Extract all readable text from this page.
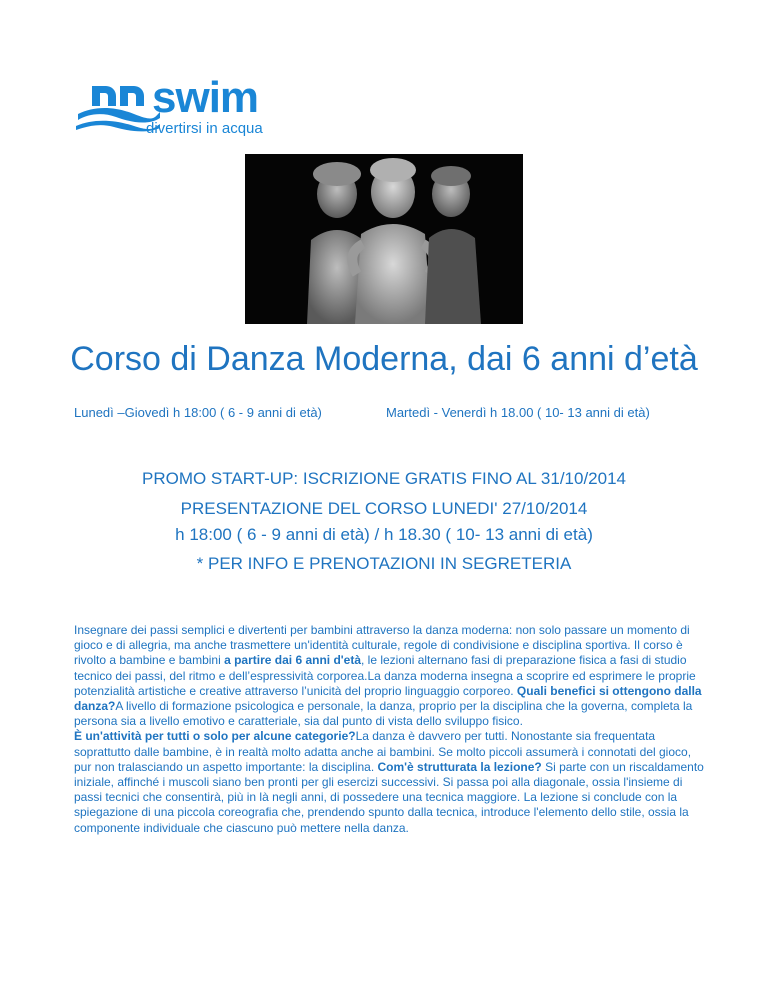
swim
divertirsi in acqua
Corso di Danza Moderna, dai 6 anni d’età
Lunedì –Giovedì h 18:00 ( 6 - 9 anni di età)	Martedì - Venerdì h 18.00 ( 10- 13 anni di età)
PROMO START-UP: ISCRIZIONE GRATIS FINO AL 31/10/2014
PRESENTAZIONE DEL CORSO LUNEDI' 27/10/2014
h 18:00 ( 6 - 9 anni di età) / h 18.30 ( 10- 13 anni di età)
* PER INFO E PRENOTAZIONI IN SEGRETERIA
Insegnare dei passi semplici e divertenti per bambini attraverso la danza moderna: non solo passare un momento di gioco e di allegria, ma anche trasmettere un'identità culturale, regole di condivisione e disciplina sportiva. Il corso è rivolto a bambine e bambini a partire dai 6 anni d'età, le lezioni alternano fasi di preparazione fisica a fasi di studio tecnico dei passi, del ritmo e dell’espressività corporea.La danza moderna insegna a scoprire ed esprimere le proprie potenzialità artistiche e creative attraverso l’unicità del proprio linguaggio corporeo. Quali benefici si ottengono dalla danza?A livello di formazione psicologica e personale, la danza, proprio per la disciplina che la governa, completa la persona sia a livello emotivo e caratteriale, sia dal punto di vista dello sviluppo fisico.
È un'attività per tutti o solo per alcune categorie?La danza è davvero per tutti. Nonostante sia frequentata soprattutto dalle bambine, è in realtà molto adatta anche ai bambini. Se molto piccoli assumerà i connotati del gioco, pur non tralasciando un aspetto importante: la disciplina. Com'è strutturata la lezione? Si parte con un riscaldamento iniziale, affinché i muscoli siano ben pronti per gli esercizi successivi. Si passa poi alla diagonale, ossia l'insieme di passi tecnici che consentirà, più in là negli anni, di possedere una tecnica maggiore. La lezione si conclude con la spiegazione di una piccola coreografia che, prendendo spunto dalla tecnica, introduce l'elemento dello stile, ossia la componente individuale che ciascuno può mettere nella danza.
